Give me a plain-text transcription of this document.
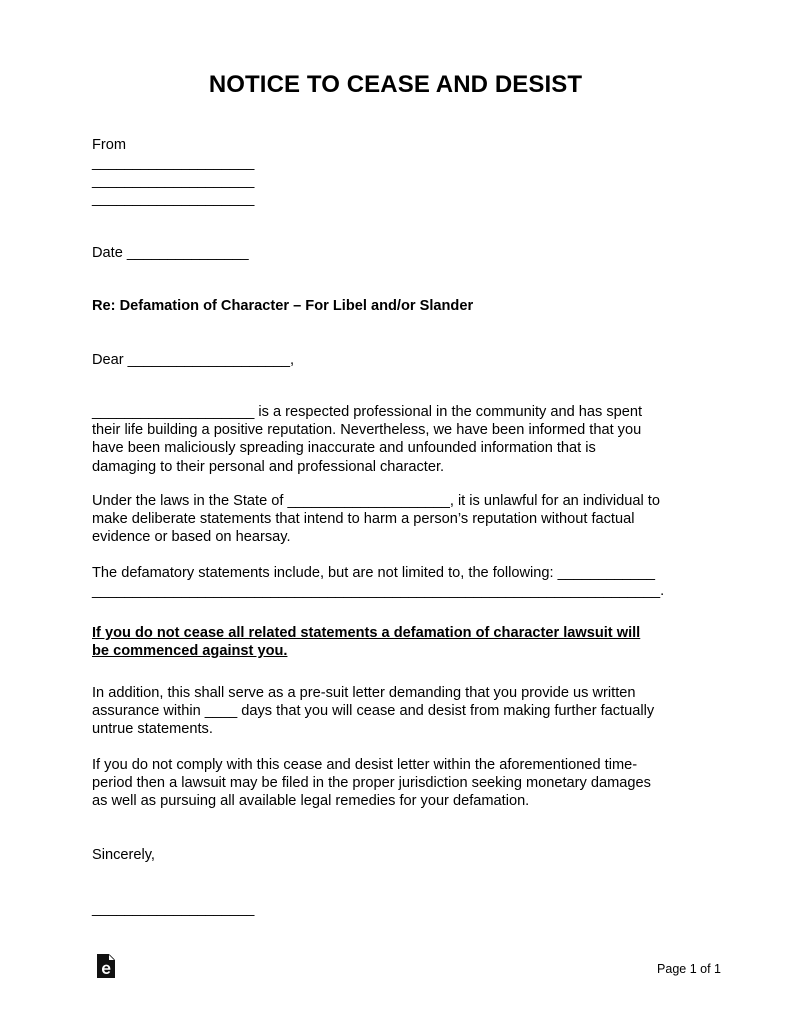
NOTICE TO CEASE AND DESIST
From
____________________
____________________
____________________
Date _______________
Re: Defamation of Character – For Libel and/or Slander
Dear ____________________,
____________________ is a respected professional in the community and has spent
their life building a positive reputation. Nevertheless, we have been informed that you
have been maliciously spreading inaccurate and unfounded information that is
damaging to their personal and professional character.
Under the laws in the State of ____________________, it is unlawful for an individual to
make deliberate statements that intend to harm a person’s reputation without factual
evidence or based on hearsay.
The defamatory statements include, but are not limited to, the following: ____________
______________________________________________________________________.
If you do not cease all related statements a defamation of character lawsuit will
be commenced against you.
In addition, this shall serve as a pre-suit letter demanding that you provide us written
assurance within ____ days that you will cease and desist from making further factually
untrue statements.
If you do not comply with this cease and desist letter within the aforementioned time-
period then a lawsuit may be filed in the proper jurisdiction seeking monetary damages
as well as pursuing all available legal remedies for your defamation.
Sincerely,
____________________
Page 1 of 1
